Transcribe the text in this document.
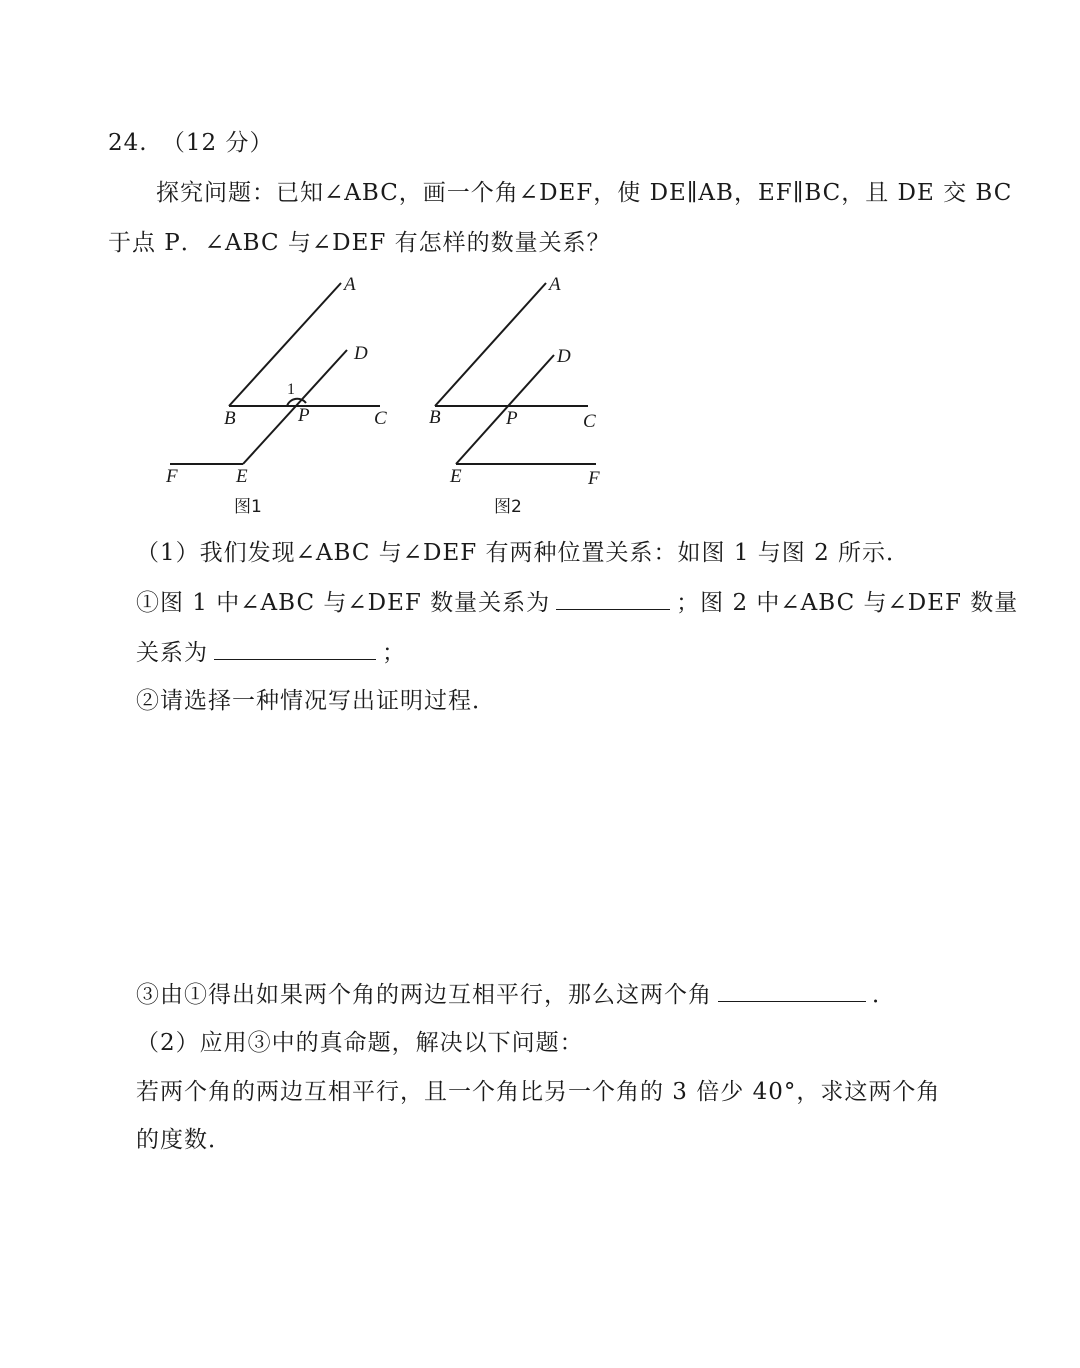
24. （12 分）
探究问题：已知∠ABC，画一个角∠DEF，使 DE∥AB，EF∥BC，且 DE 交 BC
于点 P．∠ABC 与∠DEF 有怎样的数量关系？
A
D
1
B	P	C
F	E
图1
A
D
B	P	C
E	F
图2
（1）我们发现∠ABC 与∠DEF 有两种位置关系：如图 1 与图 2 所示．
①图 1 中∠ABC 与∠DEF 数量关系为	；图 2 中∠ABC 与∠DEF 数量
关系为	；
②请选择一种情况写出证明过程．
③由①得出如果两个角的两边互相平行，那么这两个角	．
（2）应用③中的真命题，解决以下问题：
若两个角的两边互相平行，且一个角比另一个角的 3 倍少 40°，求这两个角
的度数．
